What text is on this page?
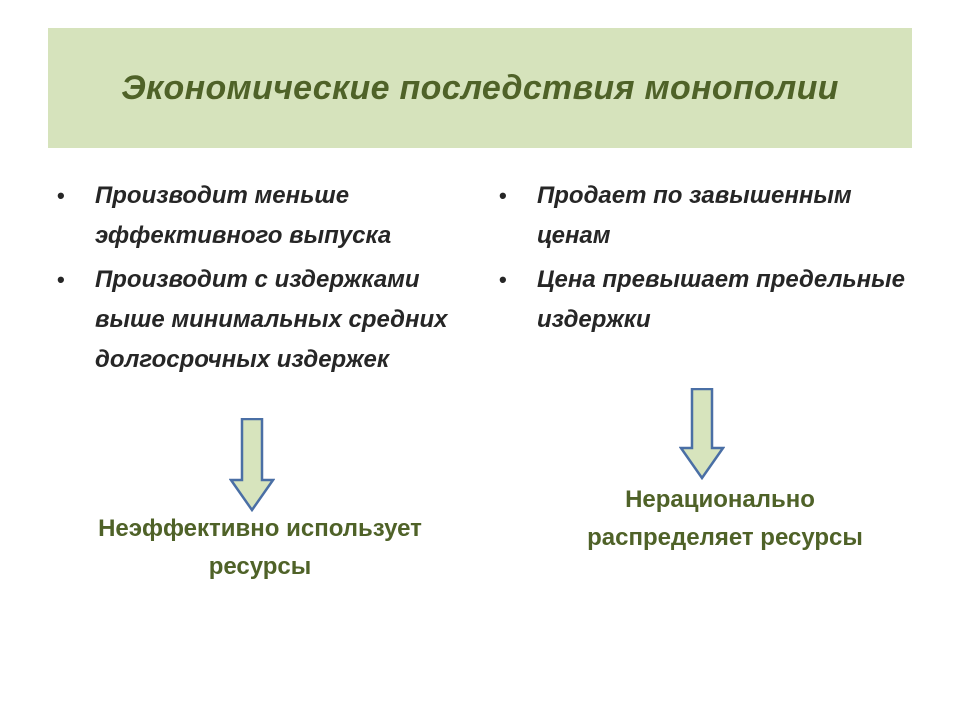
Экономические последствия монополии
• Производит меньше эффективного выпуска
• Производит с издержками выше минимальных средних долгосрочных издержек
• Продает по завышенным ценам
• Цена превышает предельные издержки
Неэффективно использует ресурсы
Нерационально
распределяет ресурсы
